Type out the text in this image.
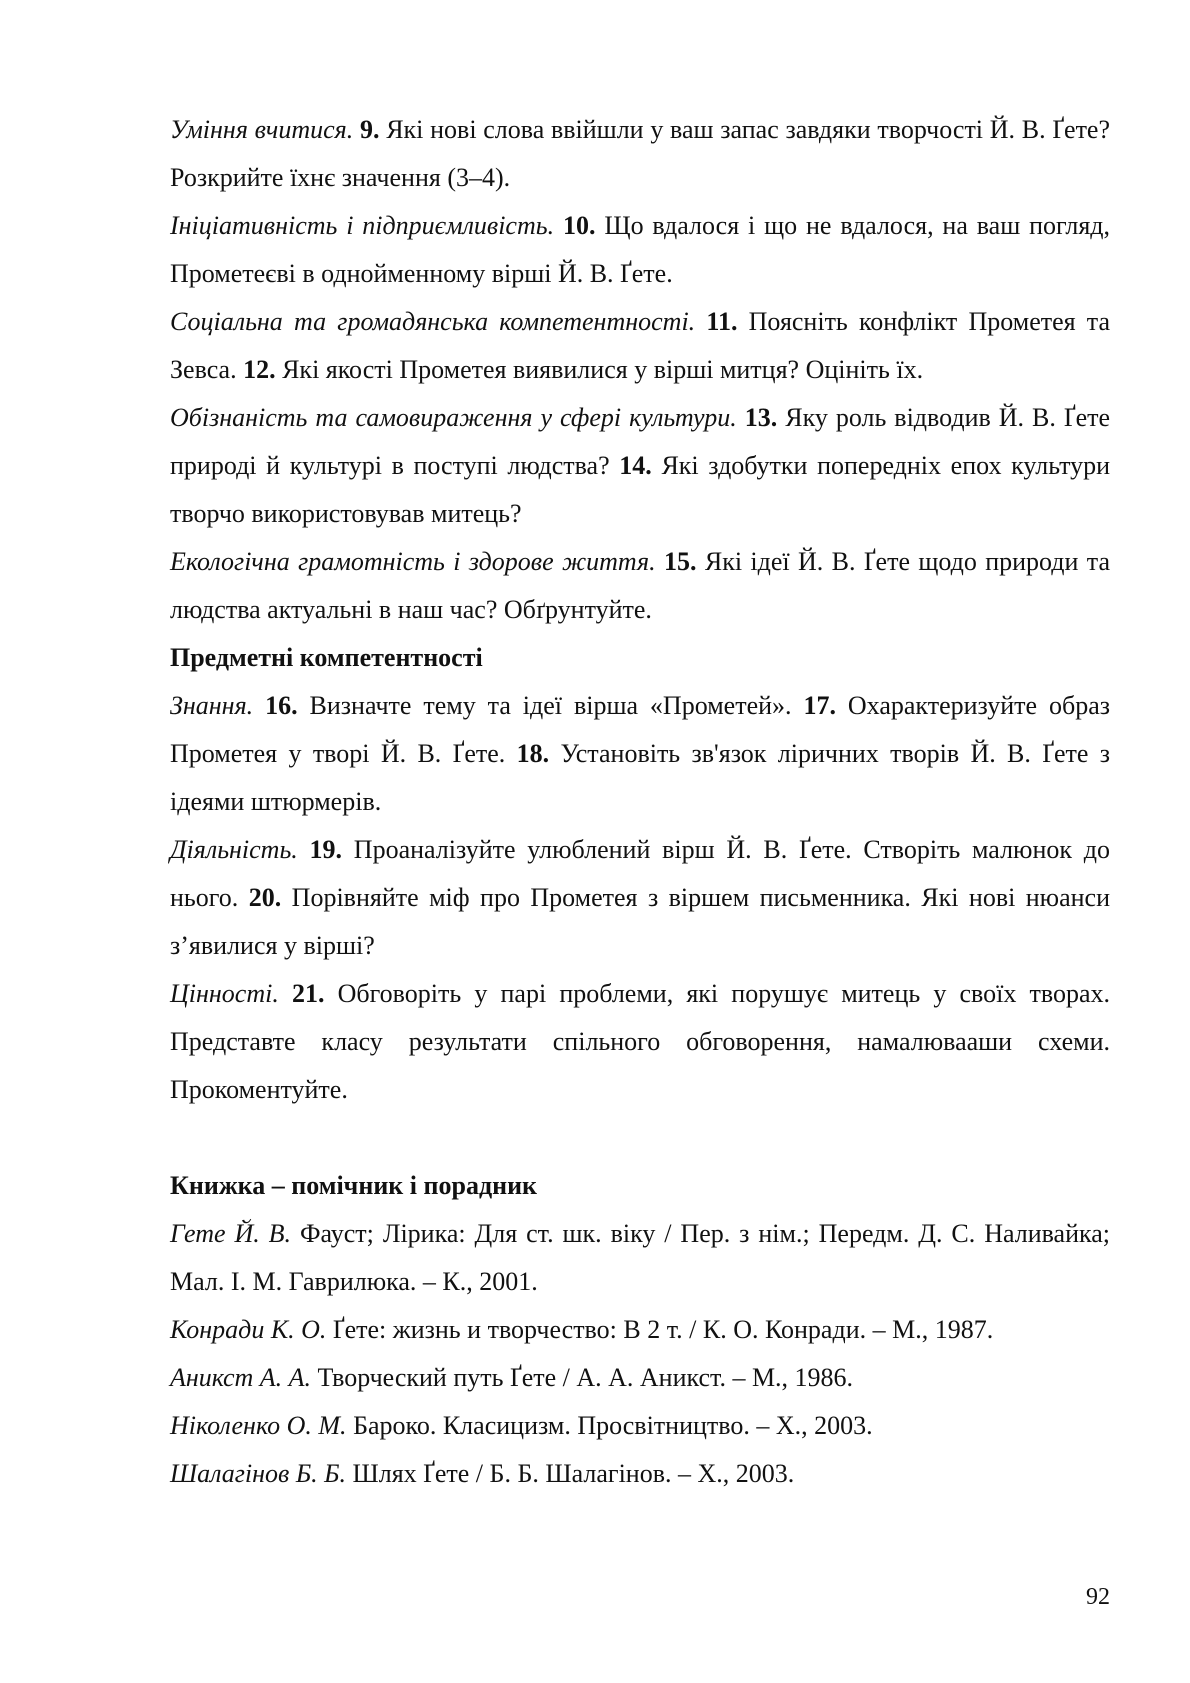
Уміння вчитися. 9. Які нові слова ввійшли у ваш запас завдяки творчості Й. В. Ґете? Розкрийте їхнє значення (3–4).

Ініціативність і підприємливість. 10. Що вдалося і що не вдалося, на ваш погляд, Прометеєві в однойменному вірші Й. В. Ґете.

Соціальна та громадянська компетентності. 11. Поясніть конфлікт Прометея та Зевса. 12. Які якості Прометея виявилися у вірші митця? Оцініть їх.

Обізнаність та самовираження у сфері культури. 13. Яку роль відводив Й. В. Ґете природі й культурі в поступі людства? 14. Які здобутки попередніх епох культури творчо використовував митець?

Екологічна грамотність і здорове життя. 15. Які ідеї Й. В. Ґете щодо природи та людства актуальні в наш час? Обґрунтуйте.

Предметні компетентності

Знання. 16. Визначте тему та ідеї вірша «Прометей». 17. Охарактеризуйте образ Прометея у творі Й. В. Ґете. 18. Установіть зв'язок ліричних творів Й. В. Ґете з ідеями штюрмерів.

Діяльність. 19. Проаналізуйте улюблений вірш Й. В. Ґете. Створіть малюнок до нього. 20. Порівняйте міф про Прометея з віршем письменника. Які нові нюанси з’явилися у вірші?

Цінності. 21. Обговоріть у парі проблеми, які порушує митець у своїх творах. Представте класу результати спільного обговорення, намалювааши схеми. Прокоментуйте.

Книжка – помічник і порадник

Гете Й. В. Фауст; Лірика: Для ст. шк. віку / Пер. з нім.; Передм. Д. С. Наливайка; Мал. І. М. Гаврилюка. – К., 2001.

Конради К. О. Ґете: жизнь и творчество: В 2 т. / К. О. Конради. – М., 1987.

Аникст А. А. Творческий путь Ґете / А. А. Аникст. – М., 1986.

Ніколенко О. М. Бароко. Класицизм. Просвітництво. – Х., 2003.

Шалагінов Б. Б. Шлях Ґете / Б. Б. Шалагінов. – Х., 2003.

92
